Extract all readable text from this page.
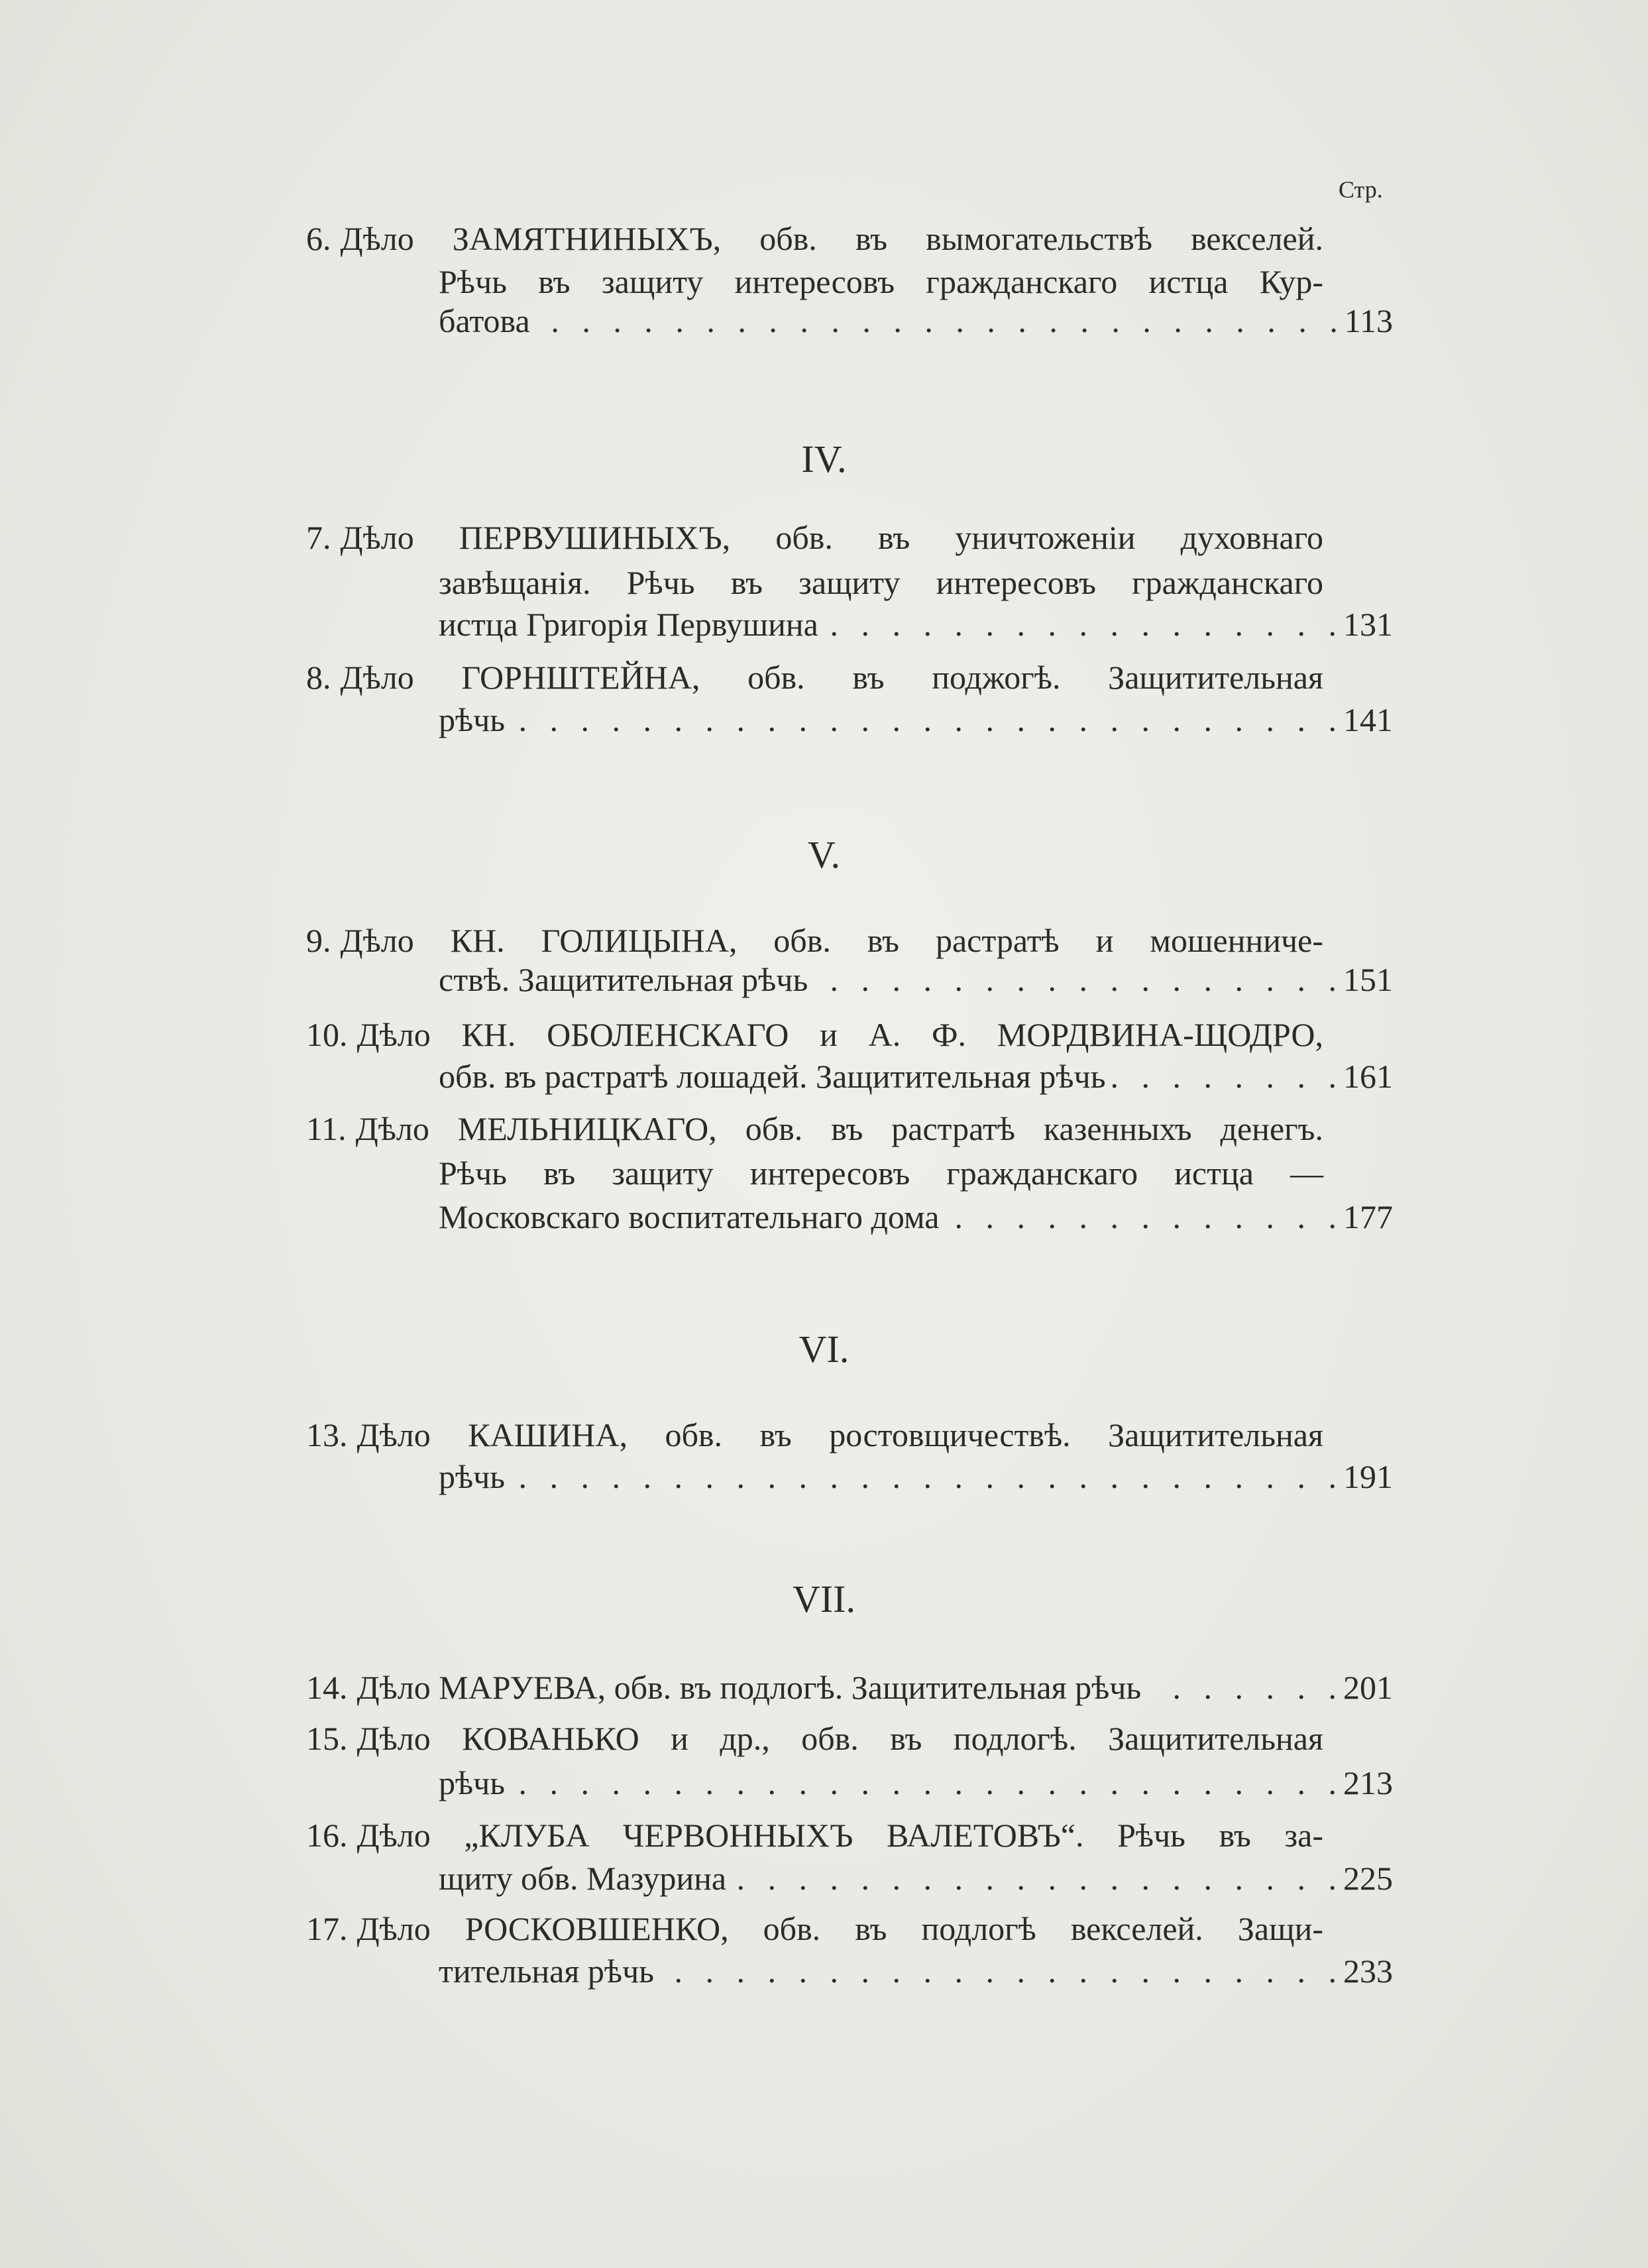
Стр.
6. Дѣло ЗАМЯТНИНЫХЪ, обв. въ вымогательствѣ векселей.
Рѣчь въ защиту интересовъ гражданскаго истца Кур-
батова . . .	113
IV.
7. Дѣло ПЕРВУШИНЫХЪ, обв. въ уничтоженіи духовнаго
завѣщанія. Рѣчь въ защиту интересовъ гражданскаго
истца Григорія Первушина . . .	131
8. Дѣло ГОРНШТЕЙНА, обв. въ поджогѣ. Защитительная
рѣчь . . .	141
V.
9. Дѣло КН. ГОЛИЦЫНА, обв. въ растратѣ и мошенниче-
ствѣ. Защитительная рѣчь . . .	151
10. Дѣло КН. ОБОЛЕНСКАГО и А. Ф. МОРДВИНА-ЩОДРО,
обв. въ растратѣ лошадей. Защитительная рѣчь . . .	161
11. Дѣло МЕЛЬНИЦКАГО, обв. въ растратѣ казенныхъ денегъ.
Рѣчь въ защиту интересовъ гражданскаго истца —
Московскаго воспитательнаго дома . . .	177
VI.
13. Дѣло КАШИНА, обв. въ ростовщичествѣ. Защитительная
рѣчь . . .	191
VII.
14. Дѣло МАРУЕВА, обв. въ подлогѣ. Защитительная рѣчь . . .	201
15. Дѣло КОВАНЬКО и др., обв. въ подлогѣ. Защитительная
рѣчь . . .	213
16. Дѣло „КЛУБА ЧЕРВОННЫХЪ ВАЛЕТОВЪ“. Рѣчь въ за-
щиту обв. Мазурина . . .	225
17. Дѣло РОСКОВШЕНКО, обв. въ подлогѣ векселей. Защи-
тительная рѣчь . . .	233
